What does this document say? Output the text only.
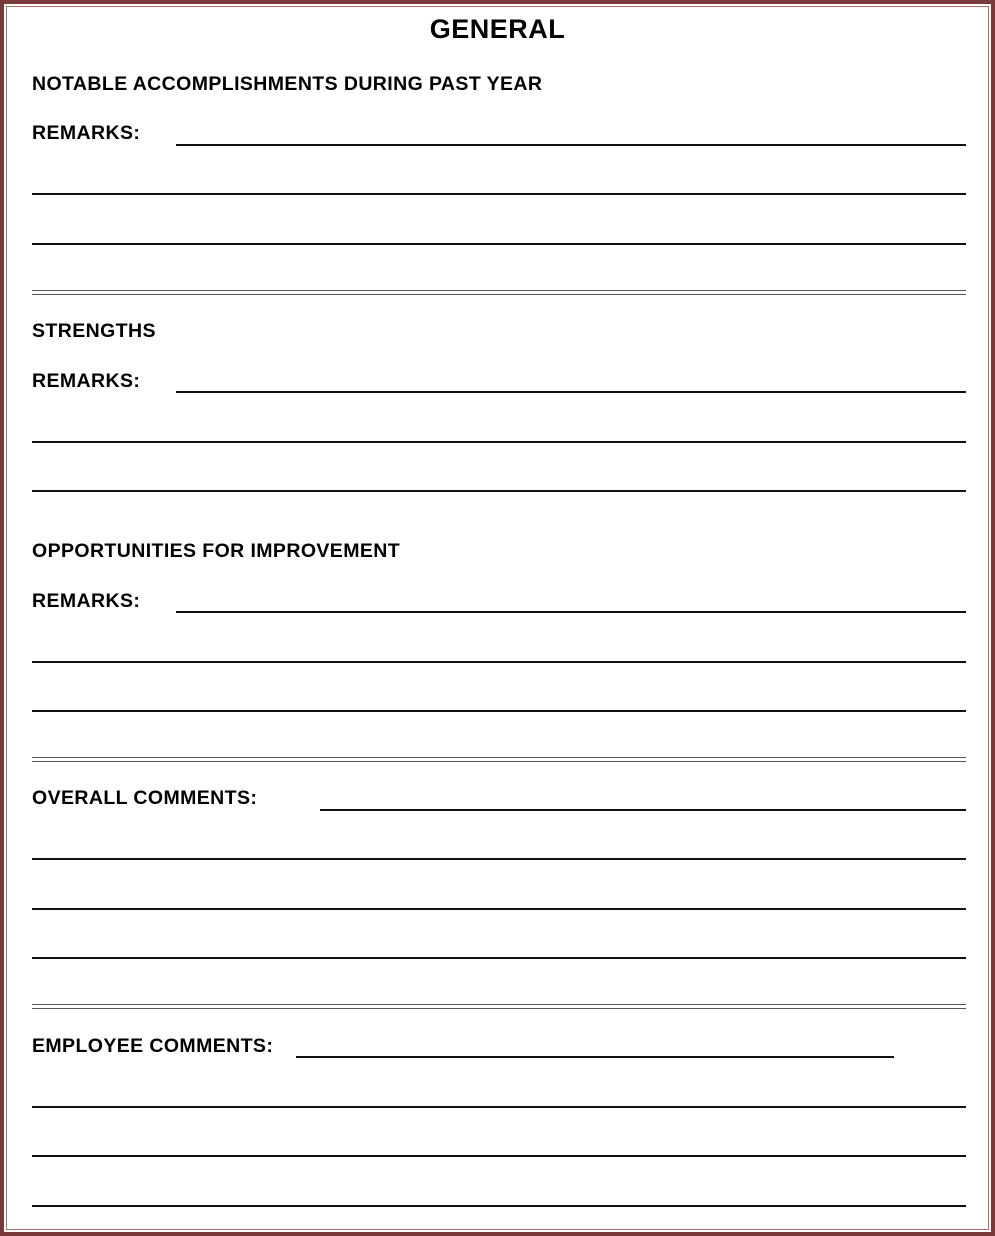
GENERAL
NOTABLE ACCOMPLISHMENTS DURING PAST YEAR
REMARKS:
STRENGTHS
REMARKS:
OPPORTUNITIES FOR IMPROVEMENT
REMARKS:
OVERALL COMMENTS:
EMPLOYEE COMMENTS:
